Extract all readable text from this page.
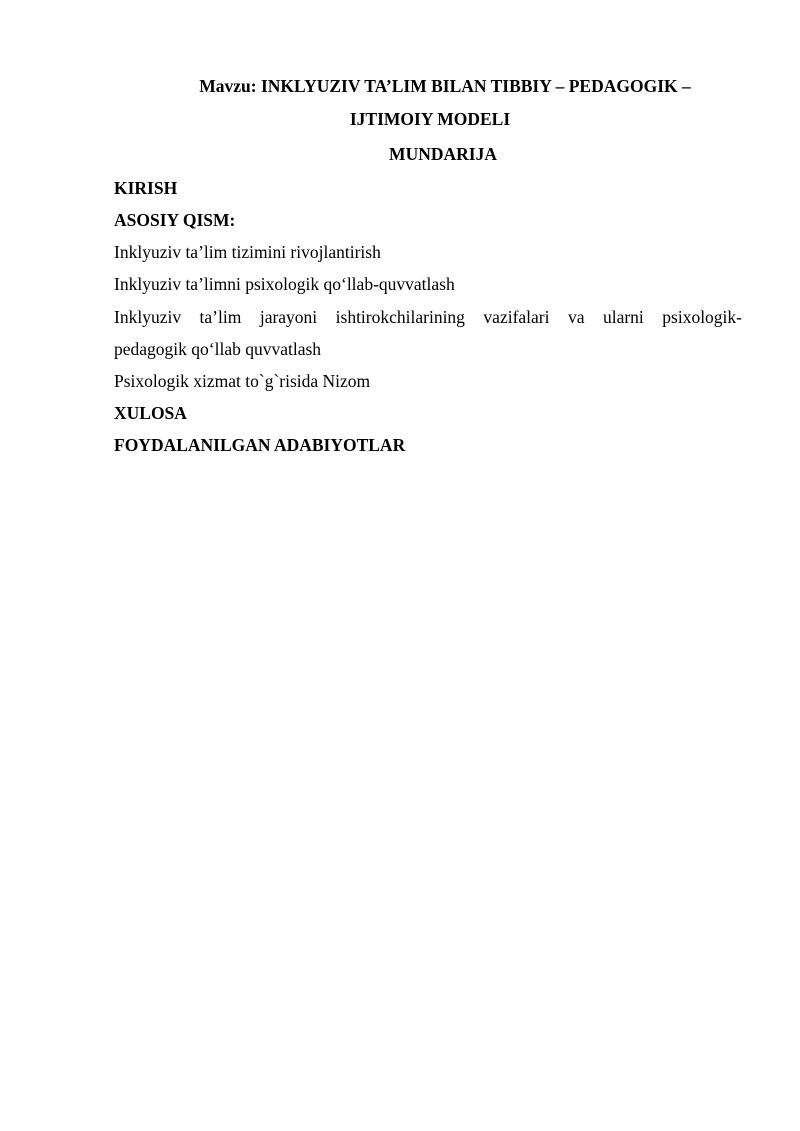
Mavzu: INKLYUZIV TA’LIM BILAN TIBBIY – PEDAGOGIK –

IJTIMOIY MODELI

MUNDARIJA

KIRISH

ASOSIY QISM:

Inklyuziv ta’lim tizimini rivojlantirish

Inklyuziv ta’limni psixologik qo‘llab-quvvatlash

Inklyuziv ta’lim jarayoni ishtirokchilarining vazifalari va ularni psixologik-

pedagogik qo‘llab quvvatlash

Psixologik xizmat to`g`risida Nizom

XULOSA

FOYDALANILGAN ADABIYOTLAR
